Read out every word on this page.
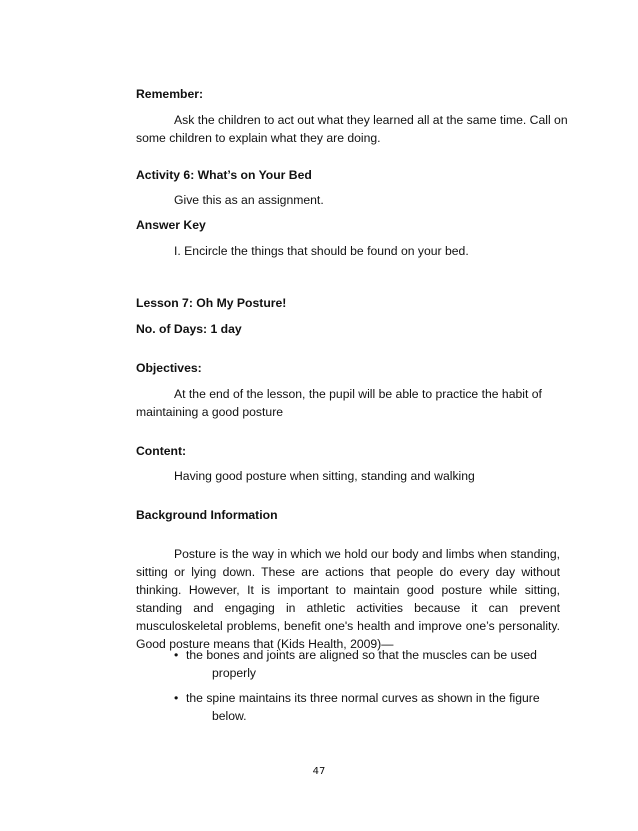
Remember:
Ask the children to act out what they learned all at the same time. Call on
some children to explain what they are doing.
Activity 6: What’s on Your Bed
Give this as an assignment.
Answer Key
I. Encircle the things that should be found on your bed.
Lesson 7: Oh My Posture!
No. of Days: 1 day
Objectives:
At the end of the lesson, the pupil will be able to practice the habit of
maintaining a good posture
Content:
Having good posture when sitting, standing and walking
Background Information
Posture is the way in which we hold our body and limbs when standing, sitting or lying down. These are actions that people do every day without thinking. However, It is important to maintain good posture while sitting, standing and engaging in athletic activities because it can prevent musculoskeletal problems, benefit one's health and improve one’s personality. Good posture means that (Kids Health, 2009)—
• the bones and joints are aligned so that the muscles can be used
properly
• the spine maintains its three normal curves as shown in the figure
below.
47
